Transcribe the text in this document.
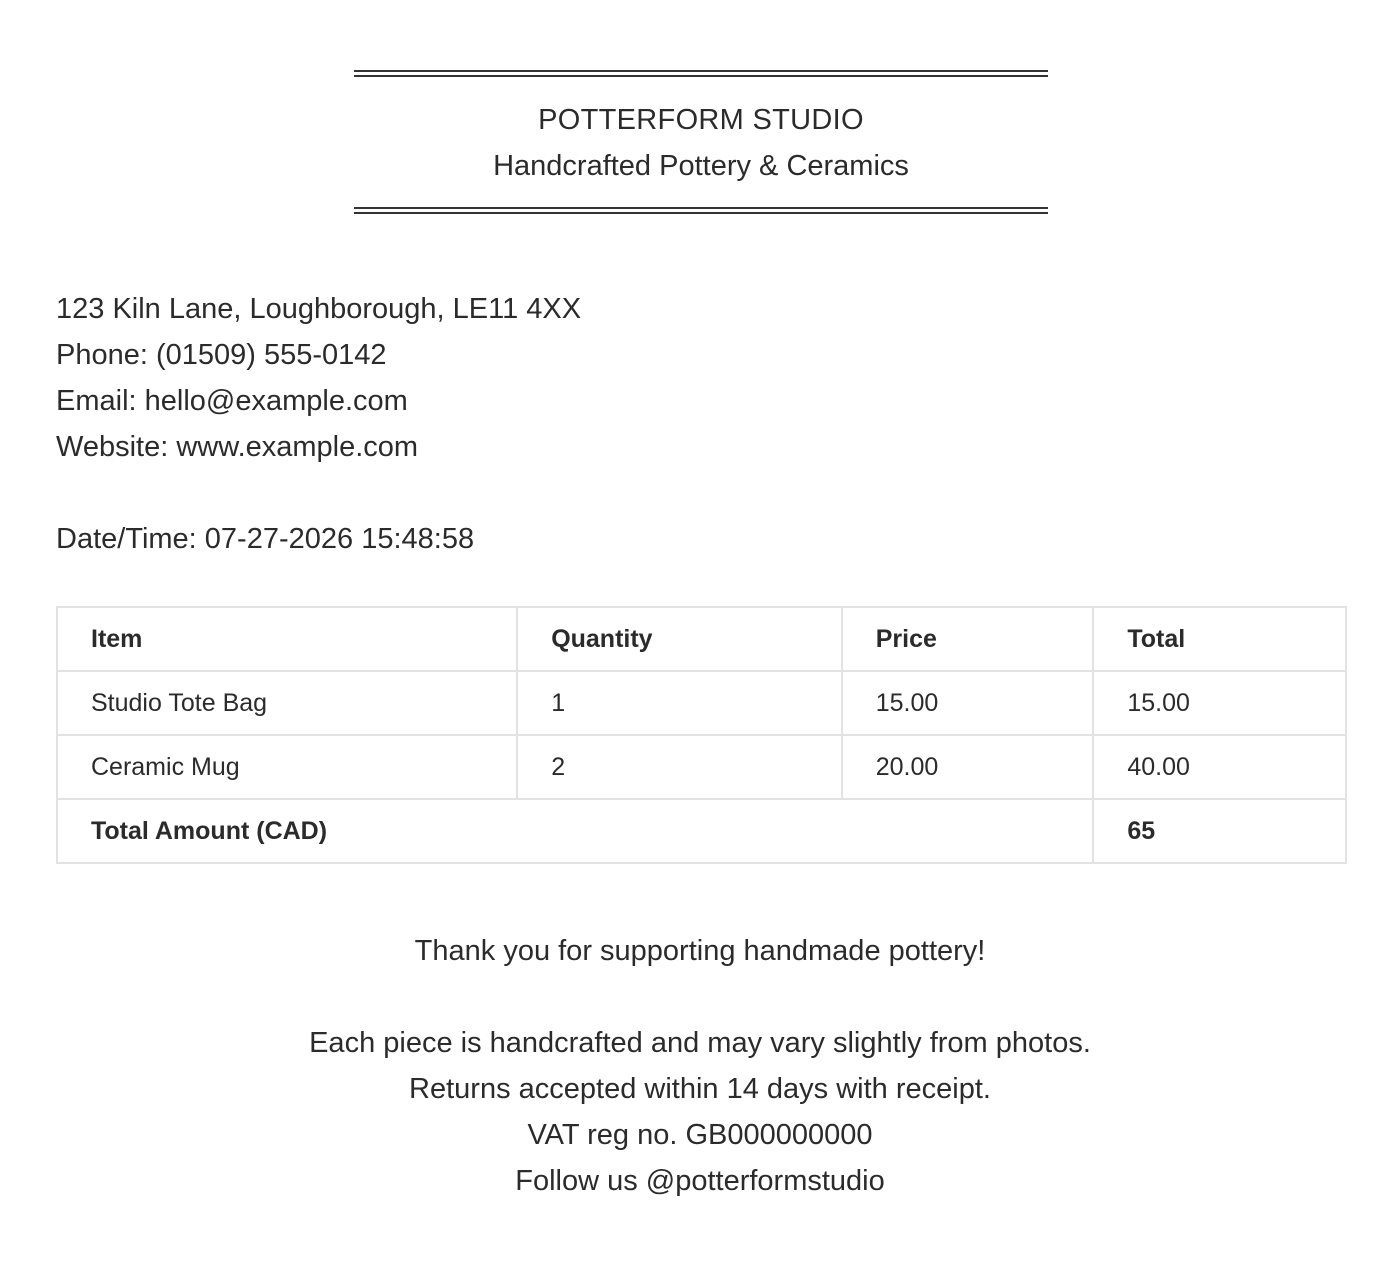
POTTERFORM STUDIO
Handcrafted Pottery & Ceramics
123 Kiln Lane, Loughborough, LE11 4XX
Phone: (01509) 555-0142
Email: hello@example.com
Website: www.example.com
Date/Time: 07-27-2026 15:48:58
Item	Quantity	Price	Total
Studio Tote Bag	1	15.00	15.00
Ceramic Mug	2	20.00	40.00
Total Amount (CAD)			65
Thank you for supporting handmade pottery!
Each piece is handcrafted and may vary slightly from photos.
Returns accepted within 14 days with receipt.
VAT reg no. GB000000000
Follow us @potterformstudio
